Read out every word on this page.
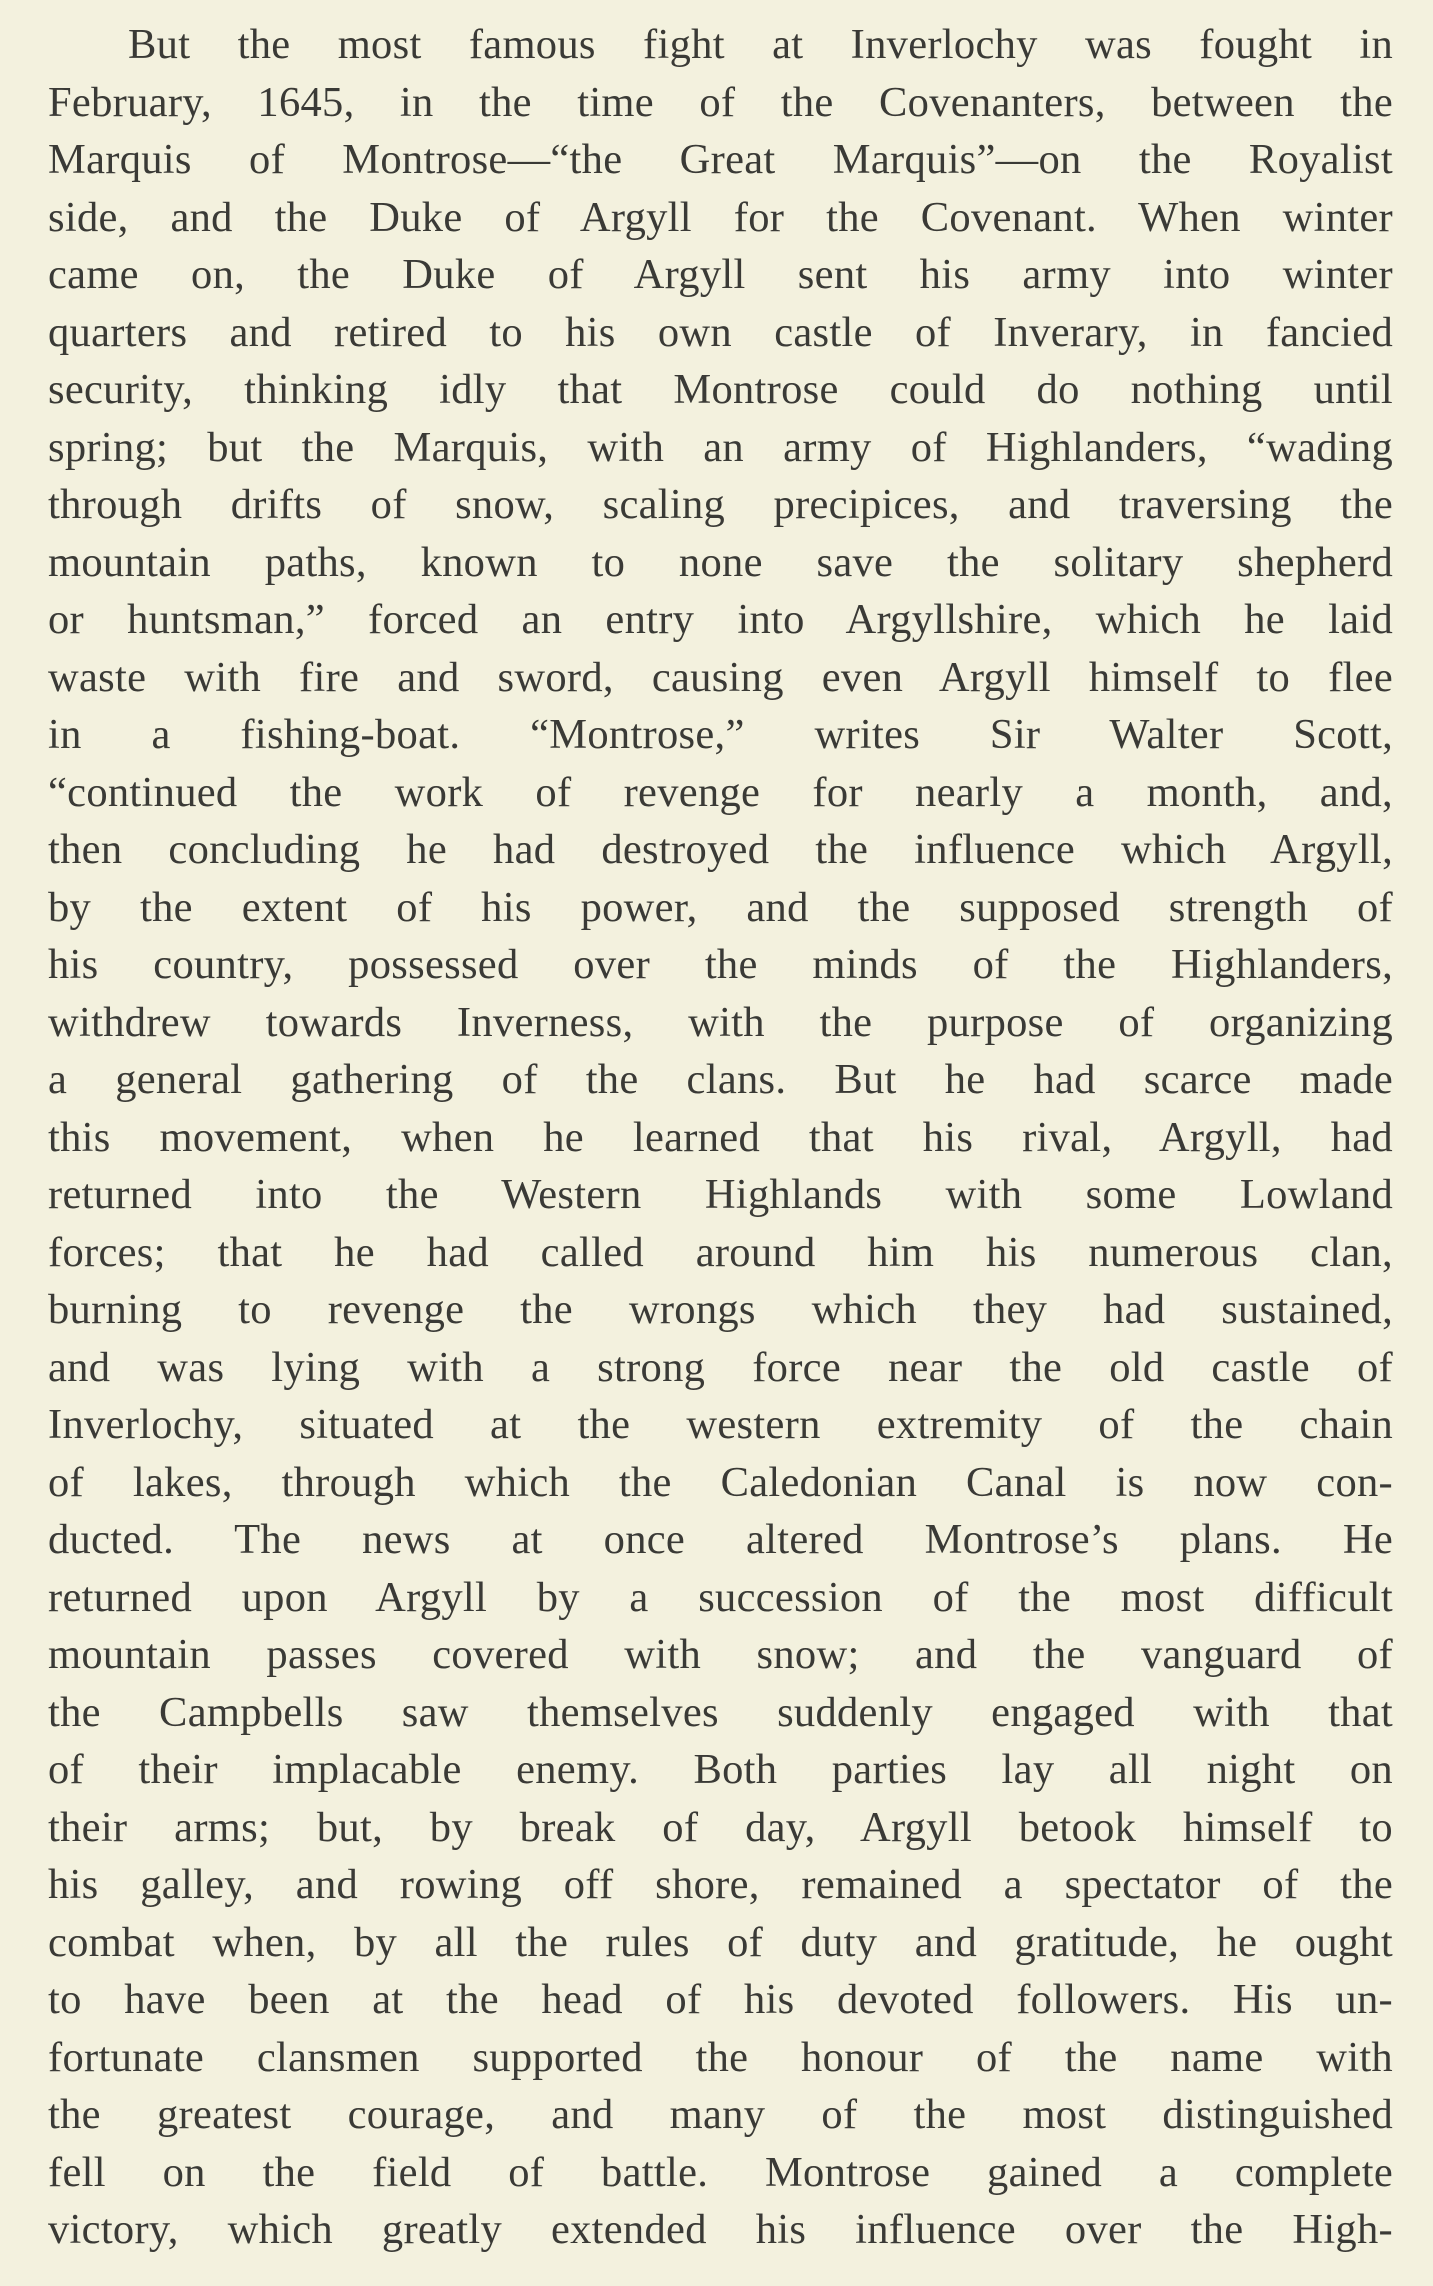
But the most famous fight at Inverlochy was fought in
February, 1645, in the time of the Covenanters, between the
Marquis of Montrose—“the Great Marquis”—on the Royalist
side, and the Duke of Argyll for the Covenant. When winter
came on, the Duke of Argyll sent his army into winter
quarters and retired to his own castle of Inverary, in fancied
security, thinking idly that Montrose could do nothing until
spring; but the Marquis, with an army of Highlanders, “wading
through drifts of snow, scaling precipices, and traversing the
mountain paths, known to none save the solitary shepherd
or huntsman,” forced an entry into Argyllshire, which he laid
waste with fire and sword, causing even Argyll himself to flee
in a fishing-boat. “Montrose,” writes Sir Walter Scott,
“continued the work of revenge for nearly a month, and,
then concluding he had destroyed the influence which Argyll,
by the extent of his power, and the supposed strength of
his country, possessed over the minds of the Highlanders,
withdrew towards Inverness, with the purpose of organizing
a general gathering of the clans. But he had scarce made
this movement, when he learned that his rival, Argyll, had
returned into the Western Highlands with some Lowland
forces; that he had called around him his numerous clan,
burning to revenge the wrongs which they had sustained,
and was lying with a strong force near the old castle of
Inverlochy, situated at the western extremity of the chain
of lakes, through which the Caledonian Canal is now con-
ducted. The news at once altered Montrose’s plans. He
returned upon Argyll by a succession of the most difficult
mountain passes covered with snow; and the vanguard of
the Campbells saw themselves suddenly engaged with that
of their implacable enemy. Both parties lay all night on
their arms; but, by break of day, Argyll betook himself to
his galley, and rowing off shore, remained a spectator of the
combat when, by all the rules of duty and gratitude, he ought
to have been at the head of his devoted followers. His un-
fortunate clansmen supported the honour of the name with
the greatest courage, and many of the most distinguished
fell on the field of battle. Montrose gained a complete
victory, which greatly extended his influence over the High-
